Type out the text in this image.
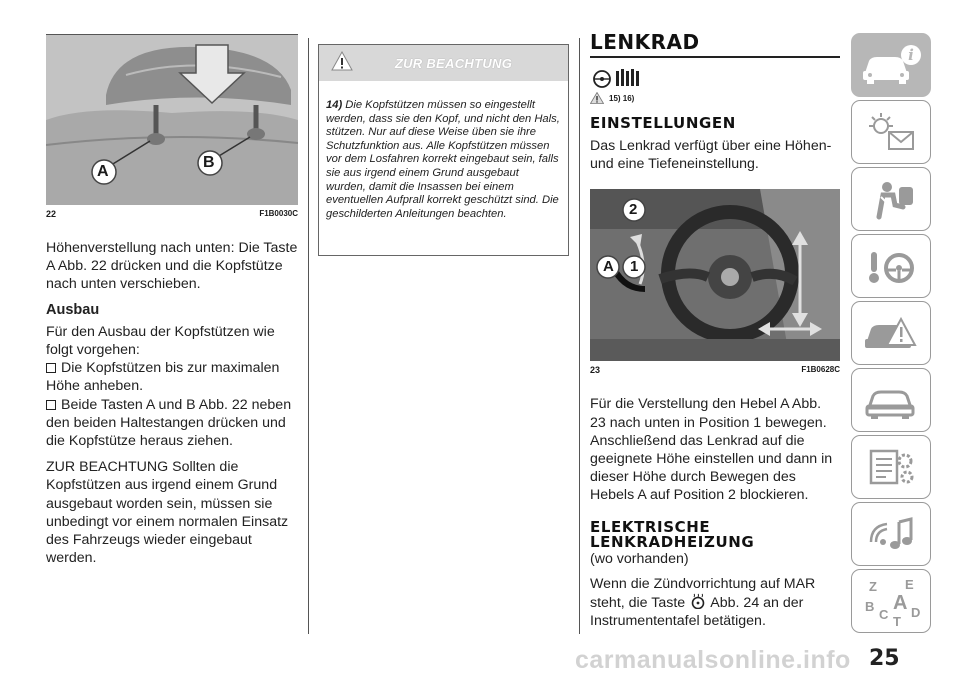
A
B
22	F1B0030C

Höhenverstellung nach unten: Die Taste A Abb. 22 drücken und die Kopfstütze nach unten verschieben.

Ausbau

Für den Ausbau der Kopfstützen wie folgt vorgehen:

Die Kopfstützen bis zur maximalen Höhe anheben.
Beide Tasten A und B Abb. 22 neben den beiden Haltestangen drücken und die Kopfstütze heraus ziehen.

ZUR BEACHTUNG Sollten die Kopfstützen aus irgend einem Grund ausgebaut worden sein, müssen sie unbedingt vor einem normalen Einsatz des Fahrzeugs wieder eingebaut werden.

ZUR BEACHTUNG
14) Die Kopfstützen müssen so eingestellt werden, dass sie den Kopf, und nicht den Hals, stützen. Nur auf diese Weise üben sie ihre Schutzfunktion aus. Alle Kopfstützen müssen vor dem Losfahren korrekt eingebaut sein, falls sie aus irgend einem Grund ausgebaut wurden, damit die Insassen bei einem eventuellen Aufprall korrekt geschützt sind. Die geschilderten Anleitungen beachten.
LENKRAD
15) 16)
EINSTELLUNGEN
Das Lenkrad verfügt über eine Höhen- und eine Tiefeneinstellung.
2
A 1
23	F1B0628C
Für die Verstellung den Hebel A Abb. 23 nach unten in Position 1 bewegen. Anschließend das Lenkrad auf die geeignete Höhe einstellen und dann in dieser Höhe durch Bewegen des Hebels A auf Position 2 blockieren.
ELEKTRISCHE
LENKRADHEIZUNG
(wo vorhanden)
Wenn die Zündvorrichtung auf MAR steht, die Taste Abb. 24 an der Instrumententafel betätigen.
i
Z E
B A
C D
T
25
carmanualsonline.info
